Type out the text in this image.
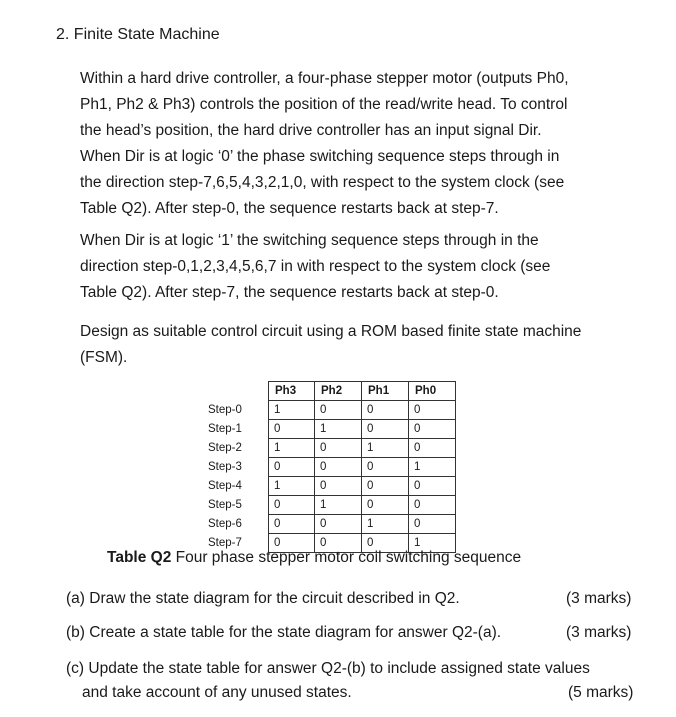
2. Finite State Machine
Within a hard drive controller, a four-phase stepper motor (outputs Ph0,
Ph1, Ph2 & Ph3) controls the position of the read/write head. To control
the head’s position, the hard drive controller has an input signal Dir.
When Dir is at logic ‘0’ the phase switching sequence steps through in
the direction step-7,6,5,4,3,2,1,0, with respect to the system clock (see
Table Q2). After step-0, the sequence restarts back at step-7.
When Dir is at logic ‘1’ the switching sequence steps through in the
direction step-0,1,2,3,4,5,6,7 in with respect to the system clock (see
Table Q2). After step-7, the sequence restarts back at step-0.
Design as suitable control circuit using a ROM based finite state machine
(FSM).
	Ph3	Ph2	Ph1	Ph0
Step-0	1	0	0	0
Step-1	0	1	0	0
Step-2	1	0	1	0
Step-3	0	0	0	1
Step-4	1	0	0	0
Step-5	0	1	0	0
Step-6	0	0	1	0
Step-7	0	0	0	1
Table Q2 Four phase stepper motor coil switching sequence
(a) Draw the state diagram for the circuit described in Q2.	(3 marks)
(b) Create a state table for the state diagram for answer Q2-(a).	(3 marks)
(c) Update the state table for answer Q2-(b) to include assigned state values
and take account of any unused states.	(5 marks)
